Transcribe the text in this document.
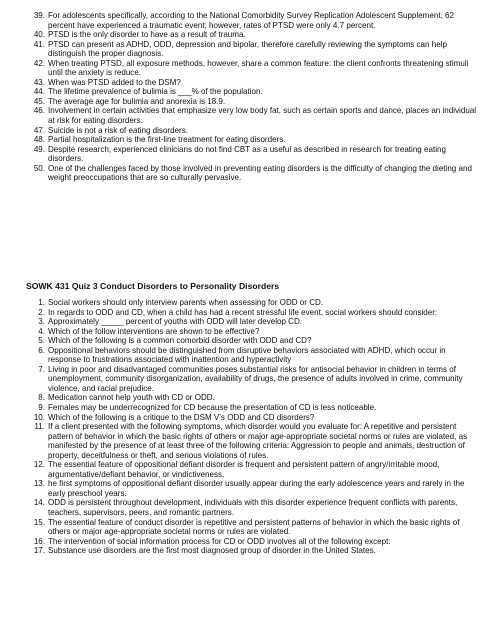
39. For adolescents specifically, according to the National Comorbidity Survey Replication Adolescent Supplement, 62 percent have experienced a traumatic event; however, rates of PTSD were only 4.7 percent.
40. PTSD is the only disorder to have as a result of trauma.
41. PTSD can present as ADHD, ODD, depression and bipolar, therefore carefully reviewing the symptoms can help distinguish the proper diagnosis.
42. When treating PTSD, all exposure methods, however, share a common feature: the client confronts threatening stimuli until the anxiety is reduce.
43. When was PTSD added to the DSM?
44. The lifetime prevalence of bulimia is ___% of the population.
45. The average age for bulimia and anorexia is 18.9.
46. Involvement in certain activities that emphasize very low body fat, such as certain sports and dance, places an individual at risk for eating disorders.
47. Suicide is not a risk of eating disorders.
48. Partial hospitalization is the first-line treatment for eating disorders.
49. Despite research, experienced clinicians do not find CBT as a useful as described in research for treating eating disorders.
50. One of the challenges faced by those involved in preventing eating disorders is the difficulty of changing the dieting and weight preoccupations that are so culturally pervasive.
SOWK 431 Quiz 3 Conduct Disorders to Personality Disorders
1. Social workers should only interview parents when assessing for ODD or CD.
2. In regards to ODD and CD, when a child has had a recent stressful life event, social workers should consider:
3. Approximately _____ percent of youths with ODD will later develop CD.
4. Which of the follow interventions are shown to be effective?
5. Which of the following is a common comorbid disorder with ODD and CD?
6. Oppositional behaviors should be distinguished from disruptive behaviors associated with ADHD, which occur in response to frustrations associated with inattention and hyperactivity
7. Living in poor and disadvantaged communities poses substantial risks for antisocial behavior in children in terms of unemployment, community disorganization, availability of drugs, the presence of adults involved in crime, community violence, and racial prejudice.
8. Medication cannot help youth with CD or ODD.
9. Females may be underrecognized for CD because the presentation of CD is less noticeable.
10. Which of the following is a critique to the DSM V’s ODD and CD disorders?
11. If a client presented with the following symptoms, which disorder would you evaluate for: A repetitive and persistent pattern of behavior in which the basic rights of others or major age-appropriate societal norms or rules are violated, as manifested by the presence of at least three of the following criteria: Aggression to people and animals, destruction of property, deceitfulness or theft, and serious violations of rules.
12. The essential feature of oppositional defiant disorder is frequent and persistent pattern of angry/irritable mood, argumentative/defiant behavior, or vindictiveness.
13. he first symptoms of oppositional defiant disorder usually appear during the early adolescence years and rarely in the early preschool years.
14. ODD is persistent throughout development, individuals with this disorder experience frequent conflicts with parents, teachers, supervisors, peers, and romantic partners.
15. The essential feature of conduct disorder is repetitive and persistent patterns of behavior in which the basic rights of others or major age-appropriate societal norms or rules are violated.
16. The intervention of social information process for CD or ODD involves all of the following except:
17. Substance use disorders are the first most diagnosed group of disorder in the United States.
